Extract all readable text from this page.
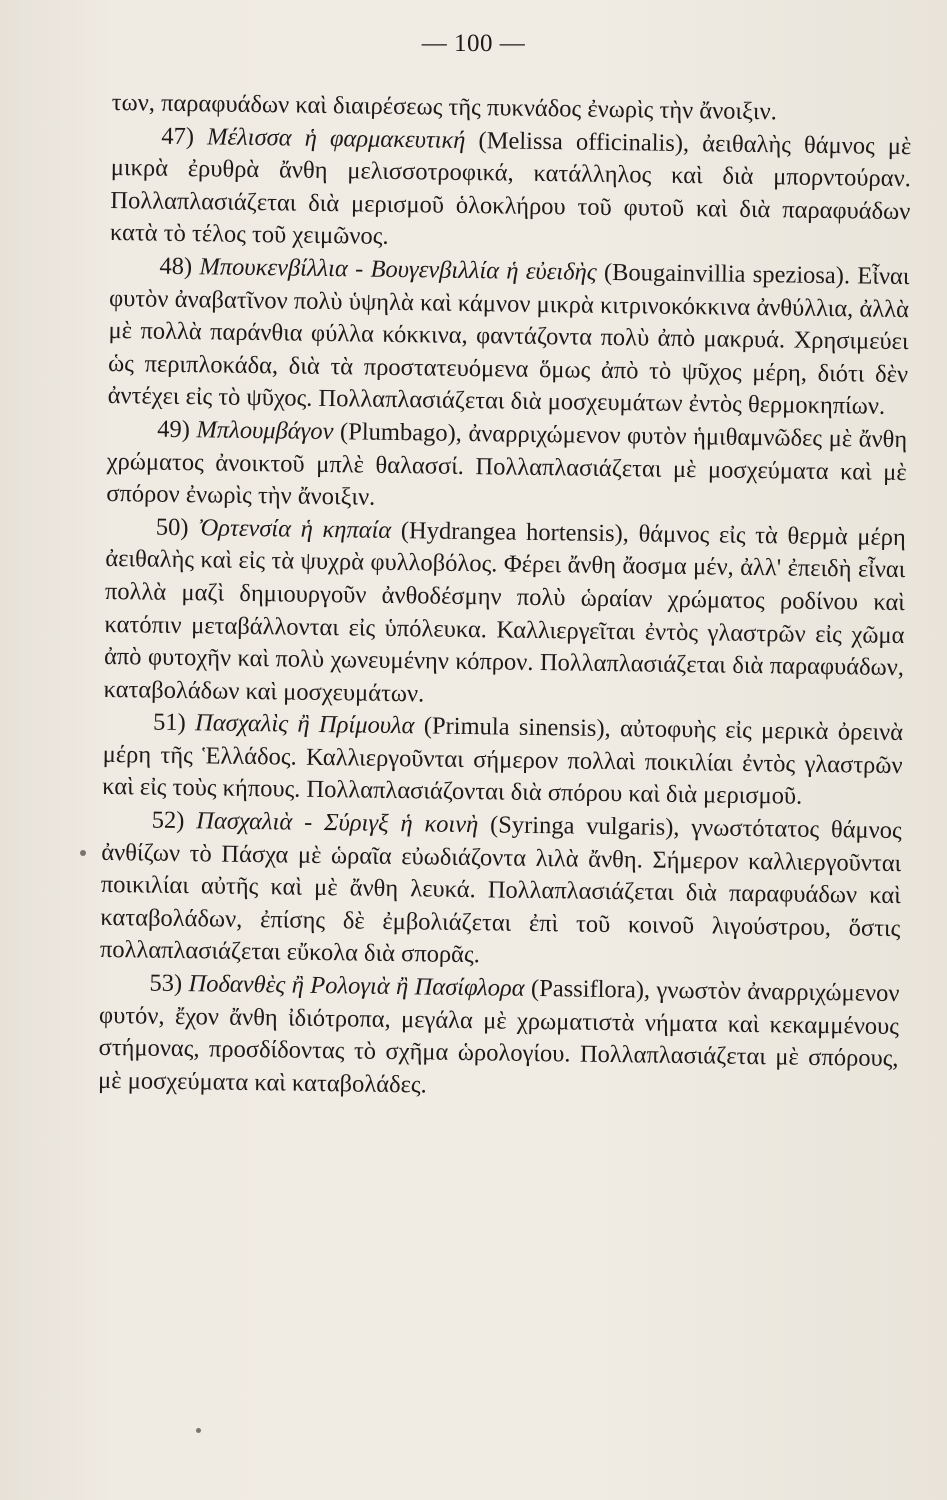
— 100 —

των, παραφυάδων καὶ διαιρέσεως τῆς πυκνάδος ἐνωρὶς τὴν ἄνοιξιν.

47) Μέλισσα ἡ φαρμακευτική (Melissa officinalis), ἀειθαλὴς θάμνος μὲ μικρὰ ἐρυθρὰ ἄνθη μελισσοτροφικά, κατάλληλος καὶ διὰ μπορντούραν. Πολλαπλασιάζεται διὰ μερισμοῦ ὁλοκλήρου τοῦ φυτοῦ καὶ διὰ παραφυάδων κατὰ τὸ τέλος τοῦ χειμῶνος.

48) Μπουκενβίλλια - Βουγενβιλλία ἡ εὐειδὴς (Bougainvillia speziosa). Εἶναι φυτὸν ἀναβατῖνον πολὺ ὑψηλὰ καὶ κάμνον μικρὰ κιτρινοκόκκινα ἀνθύλλια, ἀλλὰ μὲ πολλὰ παράνθια φύλλα κόκκινα, φαντάζοντα πολὺ ἀπὸ μακρυά. Χρησιμεύει ὡς περιπλοκάδα, διὰ τὰ προστατευόμενα ὅμως ἀπὸ τὸ ψῦχος μέρη, διότι δὲν ἀντέχει εἰς τὸ ψῦχος. Πολλαπλασιάζεται διὰ μοσχευμάτων ἐντὸς θερμοκηπίων.

49) Μπλουμβάγον (Plumbago), ἀναρριχώμενον φυτὸν ἡμιθαμνῶδες μὲ ἄνθη χρώματος ἀνοικτοῦ μπλὲ θαλασσί. Πολλαπλασιάζεται μὲ μοσχεύματα καὶ μὲ σπόρον ἐνωρὶς τὴν ἄνοιξιν.

50) Ὀρτενσία ἡ κηπαία (Hydrangea hortensis), θάμνος εἰς τὰ θερμὰ μέρη ἀειθαλὴς καὶ εἰς τὰ ψυχρὰ φυλλοβόλος. Φέρει ἄνθη ἄοσμα μέν, ἀλλ' ἐπειδὴ εἶναι πολλὰ μαζὶ δημιουργοῦν ἀνθοδέσμην πολὺ ὡραίαν χρώματος ροδίνου καὶ κατόπιν μεταβάλλονται εἰς ὑπόλευκα. Καλλιεργεῖται ἐντὸς γλαστρῶν εἰς χῶμα ἀπὸ φυτοχῆν καὶ πολὺ χωνευμένην κόπρον. Πολλαπλασιάζεται διὰ παραφυάδων, καταβολάδων καὶ μοσχευμάτων.

51) Πασχαλὶς ἢ Πρίμουλα (Primula sinensis), αὐτοφυὴς εἰς μερικὰ ὀρεινὰ μέρη τῆς Ἑλλάδος. Καλλιεργοῦνται σήμερον πολλαὶ ποικιλίαι ἐντὸς γλαστρῶν καὶ εἰς τοὺς κήπους. Πολλαπλασιάζονται διὰ σπόρου καὶ διὰ μερισμοῦ.

52) Πασχαλιὰ - Σύριγξ ἡ κοινὴ (Syringa vulgaris), γνωστότατος θάμνος ἀνθίζων τὸ Πάσχα μὲ ὡραῖα εὐωδιάζοντα λιλὰ ἄνθη. Σήμερον καλλιεργοῦνται ποικιλίαι αὐτῆς καὶ μὲ ἄνθη λευκά. Πολλαπλασιάζεται διὰ παραφυάδων καὶ καταβολάδων, ἐπίσης δὲ ἐμβολιάζεται ἐπὶ τοῦ κοινοῦ λιγούστρου, ὅστις πολλαπλασιάζεται εὔκολα διὰ σπορᾶς.

53) Ποδανθὲς ἢ Ρολογιὰ ἢ Πασίφλορα (Passiflora), γνωστὸν ἀναρριχώμενον φυτόν, ἔχον ἄνθη ἰδιότροπα, μεγάλα μὲ χρωματιστὰ νήματα καὶ κεκαμμένους στήμονας, προσδίδοντας τὸ σχῆμα ὡρολογίου. Πολλαπλασιάζεται μὲ σπόρους, μὲ μοσχεύματα καὶ καταβολάδες.
